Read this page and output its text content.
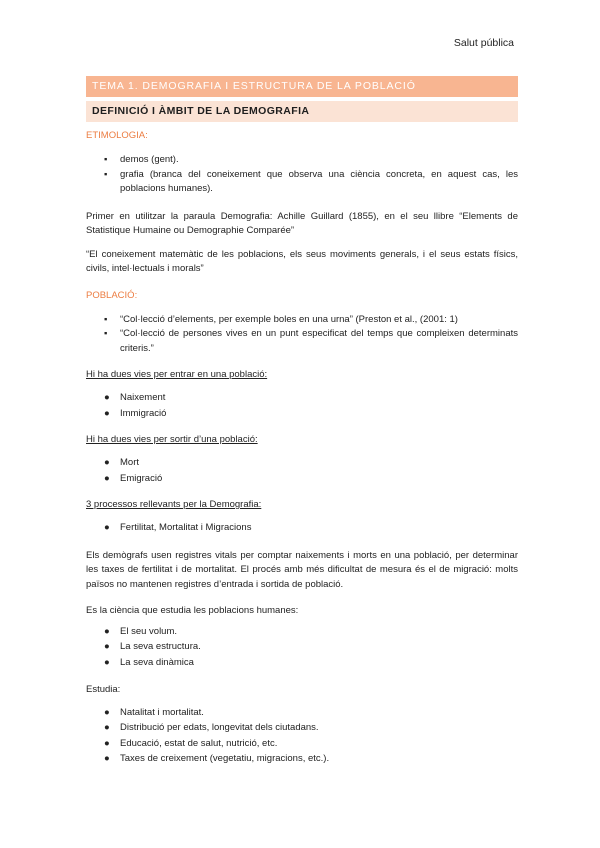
Salut pública
TEMA 1. DEMOGRAFIA I ESTRUCTURA DE LA POBLACIÓ
DEFINICIÓ I ÀMBIT DE LA DEMOGRAFIA
ETIMOLOGIA:
▪	demos (gent).
▪	grafia (branca del coneixement que observa una ciència concreta, en aquest cas, les poblacions humanes).

Primer en utilitzar la paraula Demografia: Achille Guillard (1855), en el seu llibre “Elements de Statistique Humaine ou Demographie Comparée”

“El coneixement matemàtic de les poblacions, els seus moviments generals, i el seus estats físics, civils, intel·lectuals i morals”

POBLACIÓ:
▪	“Col·lecció d’elements, per exemple boles en una urna” (Preston et al., (2001: 1)
▪	“Col·lecció de persones vives en un punt especificat del temps que compleixen determinats criteris.”
Hi ha dues vies per entrar en una població:
●	Naixement
●	Immigració
Hi ha dues vies per sortir d’una població:
●	Mort
●	Emigració
3 processos rellevants per la Demografia:
●	Fertilitat, Mortalitat i Migracions

Els demògrafs usen registres vitals per comptar naixements i morts en una població, per determinar les taxes de fertilitat i de mortalitat. El procés amb més dificultat de mesura és el de migració: molts països no mantenen registres d’entrada i sortida de població.

Es la ciència que estudia les poblacions humanes:

●	El seu volum.
●	La seva estructura.
●	La seva dinàmica

Estudia:

●	Natalitat i mortalitat.
●	Distribució per edats, longevitat dels ciutadans.
●	Educació, estat de salut, nutrició, etc.
●	Taxes de creixement (vegetatiu, migracions, etc.).
